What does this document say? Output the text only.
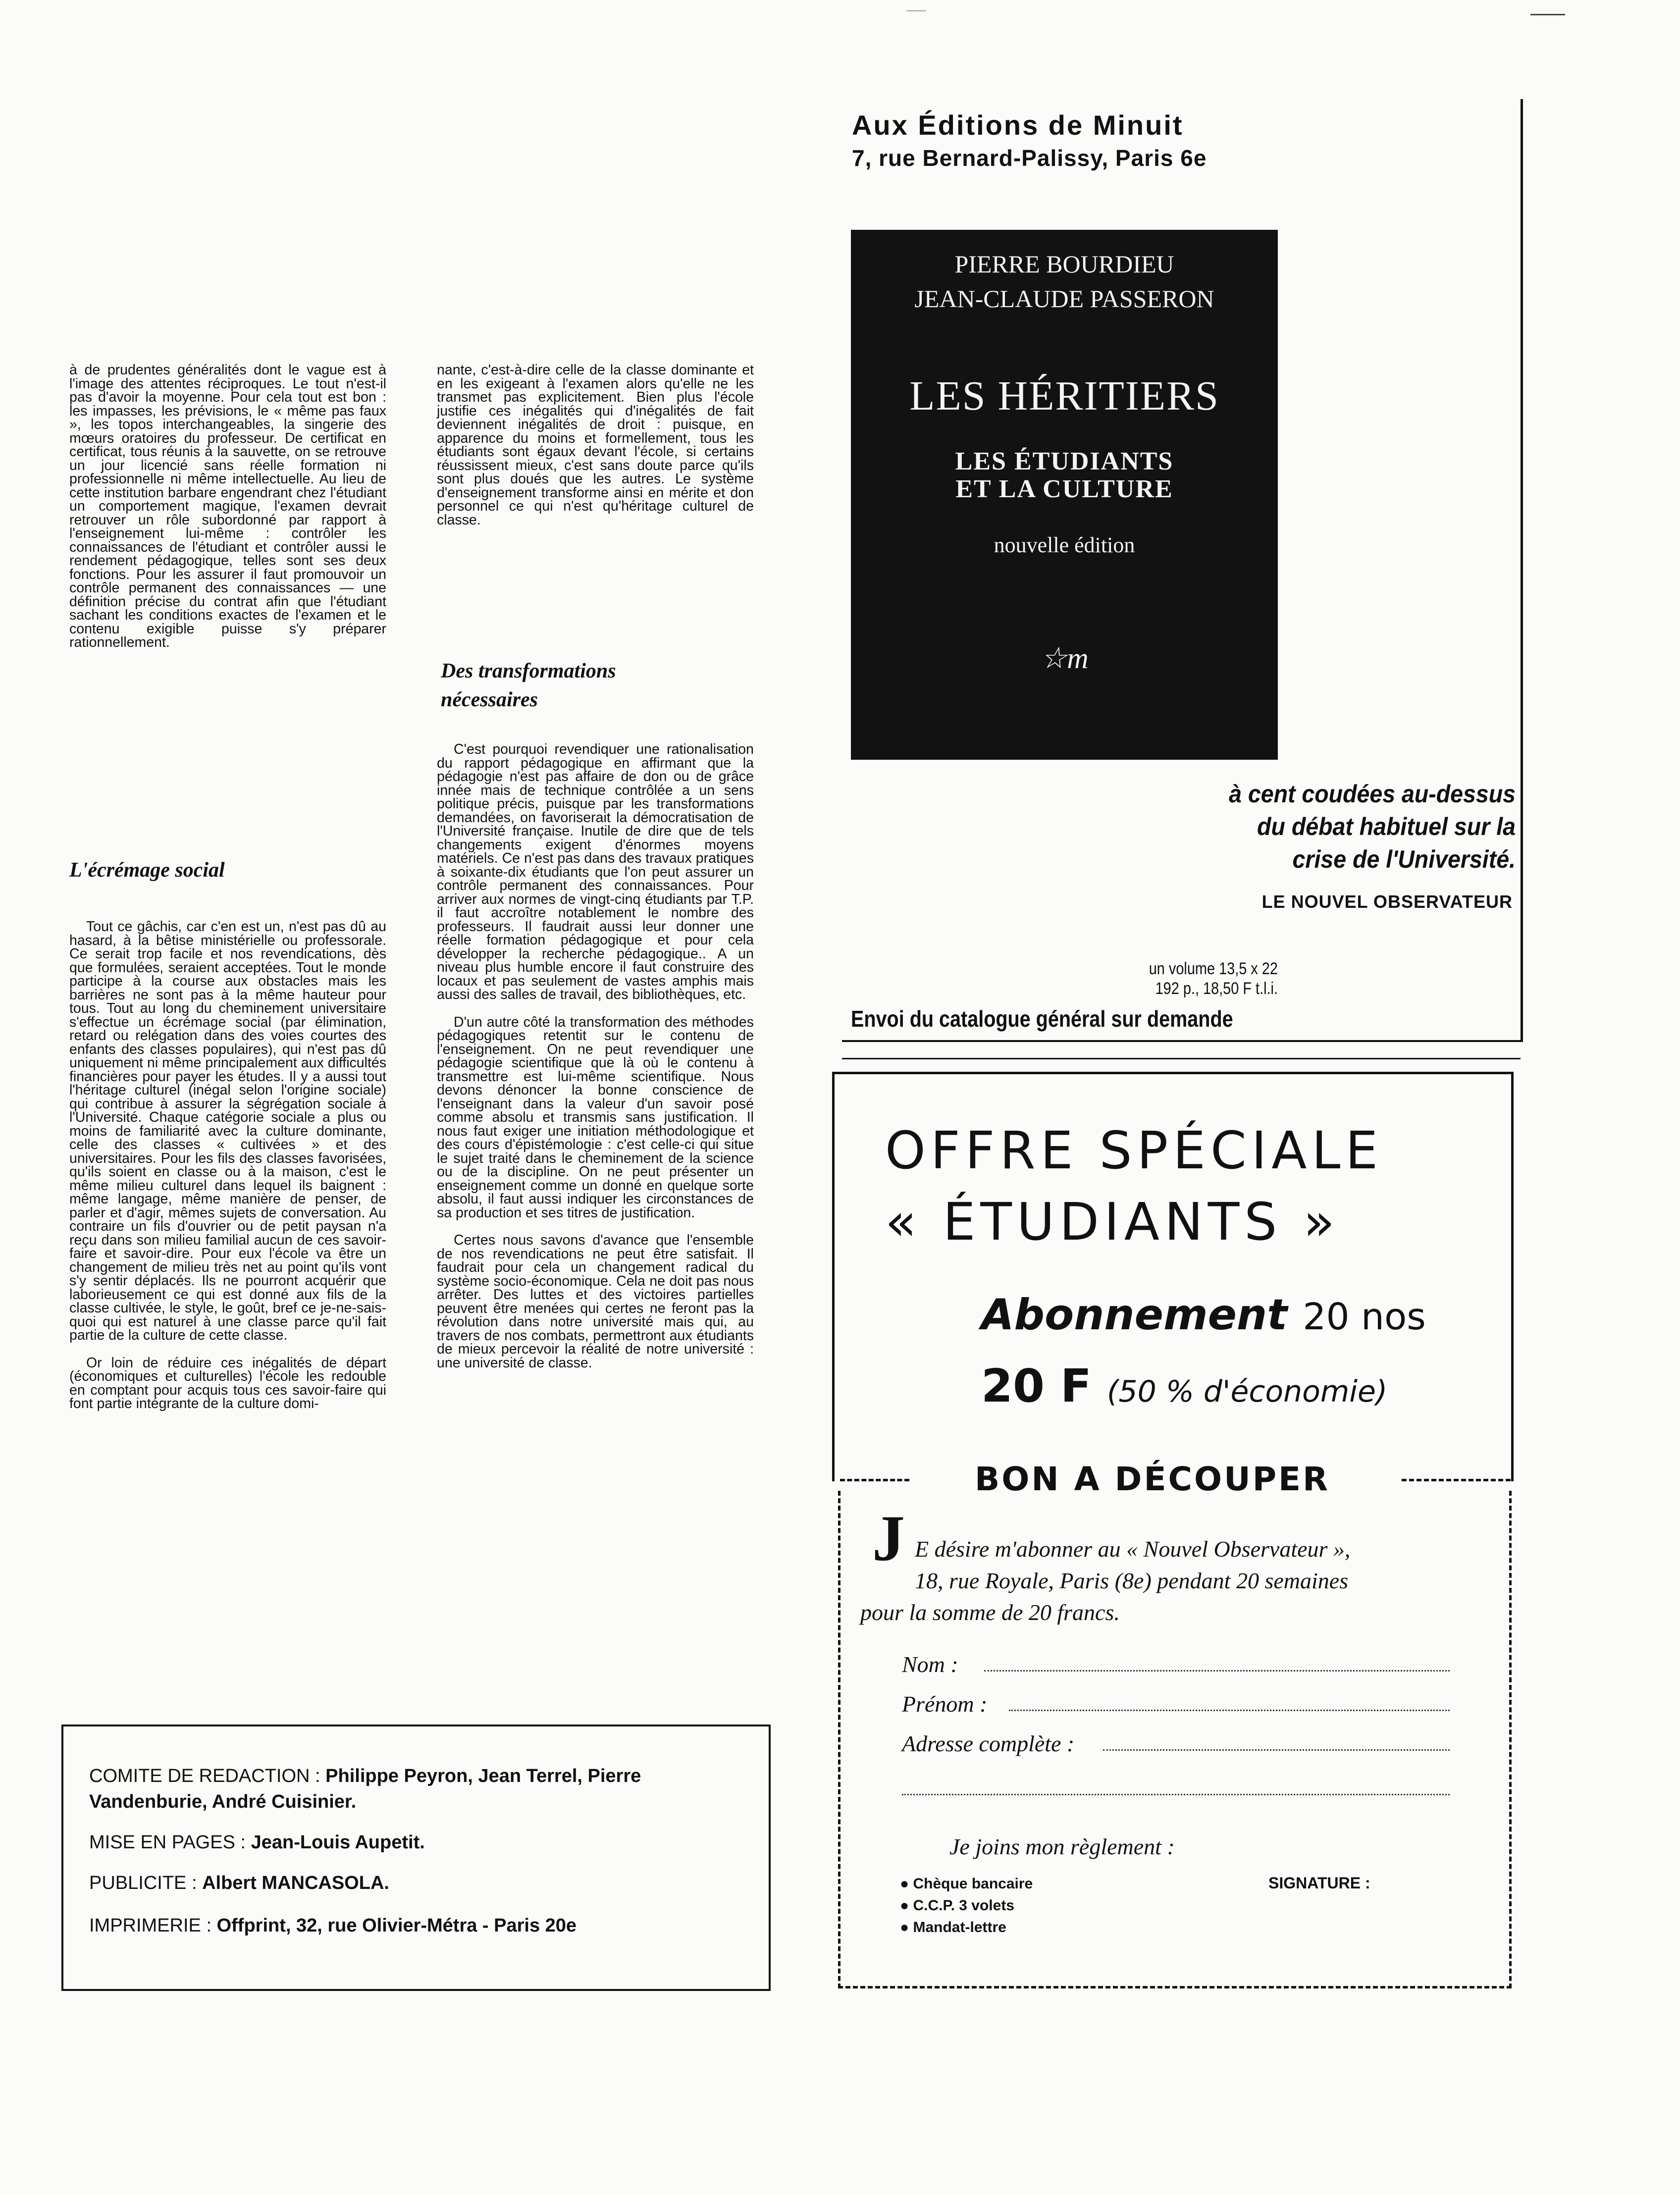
——

à de prudentes généralités dont le vague est à l'image des attentes réciproques. Le tout n'est-il pas d'avoir la moyenne. Pour cela tout est bon : les impasses, les prévisions, le « même pas faux », les topos interchangeables, la singerie des mœurs oratoires du professeur. De certificat en certificat, tous réunis à la sauvette, on se retrouve un jour licencié sans réelle formation ni professionnelle ni même intellectuelle. Au lieu de cette institution barbare engendrant chez l'étudiant un comportement magique, l'examen devrait retrouver un rôle subordonné par rapport à l'enseignement lui-même : contrôler les connaissances de l'étudiant et contrôler aussi le rendement pédagogique, telles sont ses deux fonctions. Pour les assurer il faut promouvoir un contrôle permanent des connaissances — une définition précise du contrat afin que l'étudiant sachant les conditions exactes de l'examen et le contenu exigible puisse s'y préparer rationnellement.

L'écrémage social

Tout ce gâchis, car c'en est un, n'est pas dû au hasard, à la bêtise ministérielle ou professorale. Ce serait trop facile et nos revendications, dès que formulées, seraient acceptées. Tout le monde participe à la course aux obstacles mais les barrières ne sont pas à la même hauteur pour tous. Tout au long du cheminement universitaire s'effectue un écrémage social (par élimination, retard ou relégation dans des voies courtes des enfants des classes populaires), qui n'est pas dû uniquement ni même principalement aux difficultés financières pour payer les études. Il y a aussi tout l'héritage culturel (inégal selon l'origine sociale) qui contribue à assurer la ségrégation sociale à l'Université. Chaque catégorie sociale a plus ou moins de familiarité avec la culture dominante, celle des classes « cultivées » et des universitaires. Pour les fils des classes favorisées, qu'ils soient en classe ou à la maison, c'est le même milieu culturel dans lequel ils baignent : même langage, même manière de penser, de parler et d'agir, mêmes sujets de conversation. Au contraire un fils d'ouvrier ou de petit paysan n'a reçu dans son milieu familial aucun de ces savoir-faire et savoir-dire. Pour eux l'école va être un changement de milieu très net au point qu'ils vont s'y sentir déplacés. Ils ne pourront acquérir que laborieusement ce qui est donné aux fils de la classe cultivée, le style, le goût, bref ce je-ne-sais-quoi qui est naturel à une classe parce qu'il fait partie de la culture de cette classe.

Or loin de réduire ces inégalités de départ (économiques et culturelles) l'école les redouble en comptant pour acquis tous ces savoir-faire qui font partie intégrante de la culture domi-

nante, c'est-à-dire celle de la classe dominante et en les exigeant à l'examen alors qu'elle ne les transmet pas explicitement. Bien plus l'école justifie ces inégalités qui d'inégalités de fait deviennent inégalités de droit : puisque, en apparence du moins et formellement, tous les étudiants sont égaux devant l'école, si certains réussissent mieux, c'est sans doute parce qu'ils sont plus doués que les autres. Le système d'enseignement transforme ainsi en mérite et don personnel ce qui n'est qu'héritage culturel de classe.

Des transformations nécessaires

C'est pourquoi revendiquer une rationalisation du rapport pédagogique en affirmant que la pédagogie n'est pas affaire de don ou de grâce innée mais de technique contrôlée a un sens politique précis, puisque par les transformations demandées, on favoriserait la démocratisation de l'Université française. Inutile de dire que de tels changements exigent d'énormes moyens matériels. Ce n'est pas dans des travaux pratiques à soixante-dix étudiants que l'on peut assurer un contrôle permanent des connaissances. Pour arriver aux normes de vingt-cinq étudiants par T.P. il faut accroître notablement le nombre des professeurs. Il faudrait aussi leur donner une réelle formation pédagogique et pour cela développer la recherche pédagogique.. A un niveau plus humble encore il faut construire des locaux et pas seulement de vastes amphis mais aussi des salles de travail, des bibliothèques, etc.

D'un autre côté la transformation des méthodes pédagogiques retentit sur le contenu de l'enseignement. On ne peut revendiquer une pédagogie scientifique que là où le contenu à transmettre est lui-même scientifique. Nous devons dénoncer la bonne conscience de l'enseignant dans la valeur d'un savoir posé comme absolu et transmis sans justification. Il nous faut exiger une initiation méthodologique et des cours d'épistémologie : c'est celle-ci qui situe le sujet traité dans le cheminement de la science ou de la discipline. On ne peut présenter un enseignement comme un donné en quelque sorte absolu, il faut aussi indiquer les circonstances de sa production et ses titres de justification.

Certes nous savons d'avance que l'ensemble de nos revendications ne peut être satisfait. Il faudrait pour cela un changement radical du système socio-économique. Cela ne doit pas nous arrêter. Des luttes et des victoires partielles peuvent être menées qui certes ne feront pas la révolution dans notre université mais qui, au travers de nos combats, permettront aux étudiants de mieux percevoir la réalité de notre université : une université de classe.

COMITE DE REDACTION : Philippe Peyron, Jean Terrel, Pierre Vandenburie, André Cuisinier.
MISE EN PAGES : Jean-Louis Aupetit.
PUBLICITE : Albert MANCASOLA.
IMPRIMERIE : Offprint, 32, rue Olivier-Métra - Paris 20e
Aux Éditions de Minuit
7, rue Bernard-Palissy, Paris 6e
PIERRE BOURDIEU
JEAN-CLAUDE PASSERON
LES HÉRITIERS
LES ÉTUDIANTS
ET LA CULTURE
nouvelle édition
☆m
à cent coudées au-dessus
du débat habituel sur la
crise de l'Université.
LE NOUVEL OBSERVATEUR
un volume 13,5 x 22
192 p., 18,50 F t.l.i.
Envoi du catalogue général sur demande
OFFRE SPÉCIALE
« ÉTUDIANTS »
Abonnement 20 nos
20 F (50 % d'économie)
BON A DÉCOUPER
J E désire m'abonner au « Nouvel Observateur »,
18, rue Royale, Paris (8e) pendant 20 semaines
pour la somme de 20 francs.
Nom :
Prénom :
Adresse complète :
Je joins mon règlement :
● Chèque bancaire
● C.C.P. 3 volets
● Mandat-lettre
SIGNATURE :
